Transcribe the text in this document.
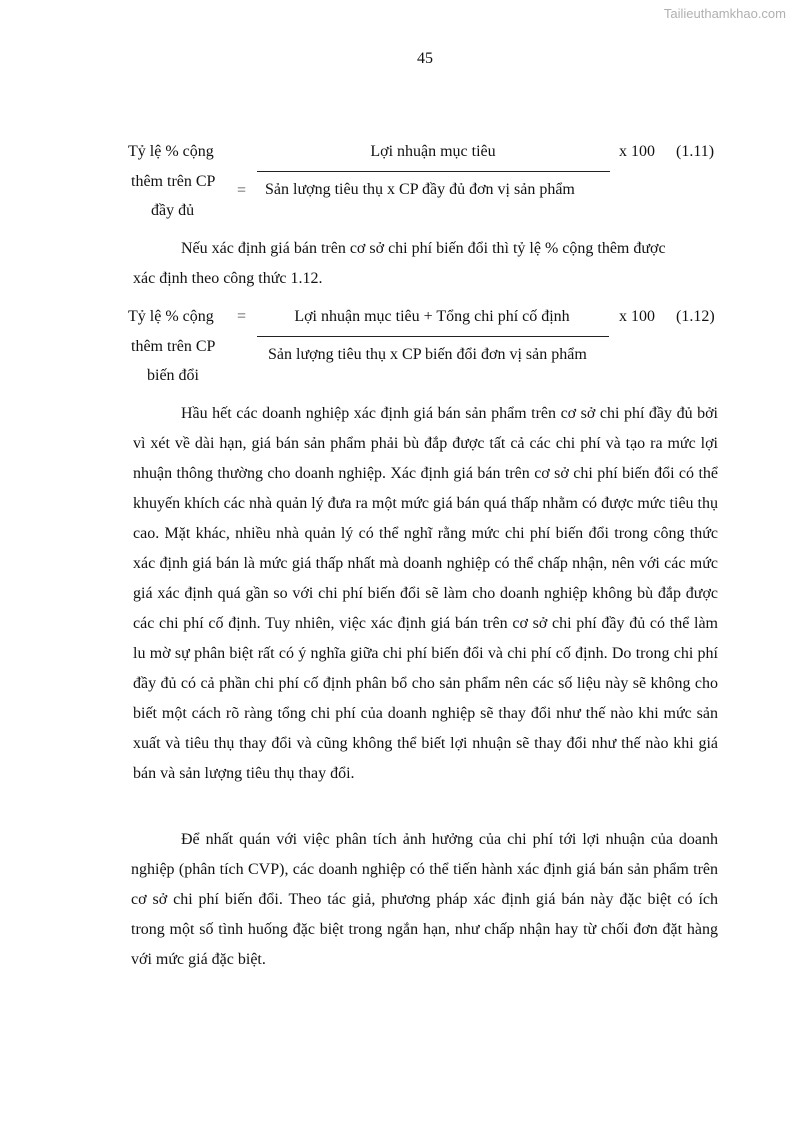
Tailieuthamkhao.com
45
Tỷ lệ % cộng
thêm trên CP
đầy đủ
=
Lợi nhuận mục tiêu
Sản lượng tiêu thụ x CP đầy đủ đơn vị sản phẩm
x 100 (1.11)
Nếu xác định giá bán trên cơ sở chi phí biến đổi thì tỷ lệ % cộng thêm được
xác định theo công thức 1.12.
Tỷ lệ % cộng
thêm trên CP
biến đổi
=	Lợi nhuận mục tiêu + Tổng chi phí cố định
Sản lượng tiêu thụ x CP biến đổi đơn vị sản phẩm
x 100 (1.12)

Hầu hết các doanh nghiệp xác định giá bán sản phẩm trên cơ sở chi phí đầy đủ bởi vì xét về dài hạn, giá bán sản phẩm phải bù đắp được tất cả các chi phí và tạo ra mức lợi nhuận thông thường cho doanh nghiệp. Xác định giá bán trên cơ sở chi phí biến đổi có thể khuyến khích các nhà quản lý đưa ra một mức giá bán quá thấp nhằm có được mức tiêu thụ cao. Mặt khác, nhiều nhà quản lý có thể nghĩ rằng mức chi phí biến đổi trong công thức xác định giá bán là mức giá thấp nhất mà doanh nghiệp có thể chấp nhận, nên với các mức giá xác định quá gần so với chi phí biến đổi sẽ làm cho doanh nghiệp không bù đắp được các chi phí cố định. Tuy nhiên, việc xác định giá bán trên cơ sở chi phí đầy đủ có thể làm lu mờ sự phân biệt rất có ý nghĩa giữa chi phí biến đổi và chi phí cố định. Do trong chi phí đầy đủ có cả phần chi phí cố định phân bổ cho sản phẩm nên các số liệu này sẽ không cho biết một cách rõ ràng tổng chi phí của doanh nghiệp sẽ thay đổi như thế nào khi mức sản xuất và tiêu thụ thay đổi và cũng không thể biết lợi nhuận sẽ thay đổi như thế nào khi giá bán và sản lượng tiêu thụ thay đổi.

Để nhất quán với việc phân tích ảnh hưởng của chi phí tới lợi nhuận của doanh nghiệp (phân tích CVP), các doanh nghiệp có thể tiến hành xác định giá bán sản phẩm trên cơ sở chi phí biến đổi. Theo tác giả, phương pháp xác định giá bán này đặc biệt có ích trong một số tình huống đặc biệt trong ngắn hạn, như chấp nhận hay từ chối đơn đặt hàng với mức giá đặc biệt.
